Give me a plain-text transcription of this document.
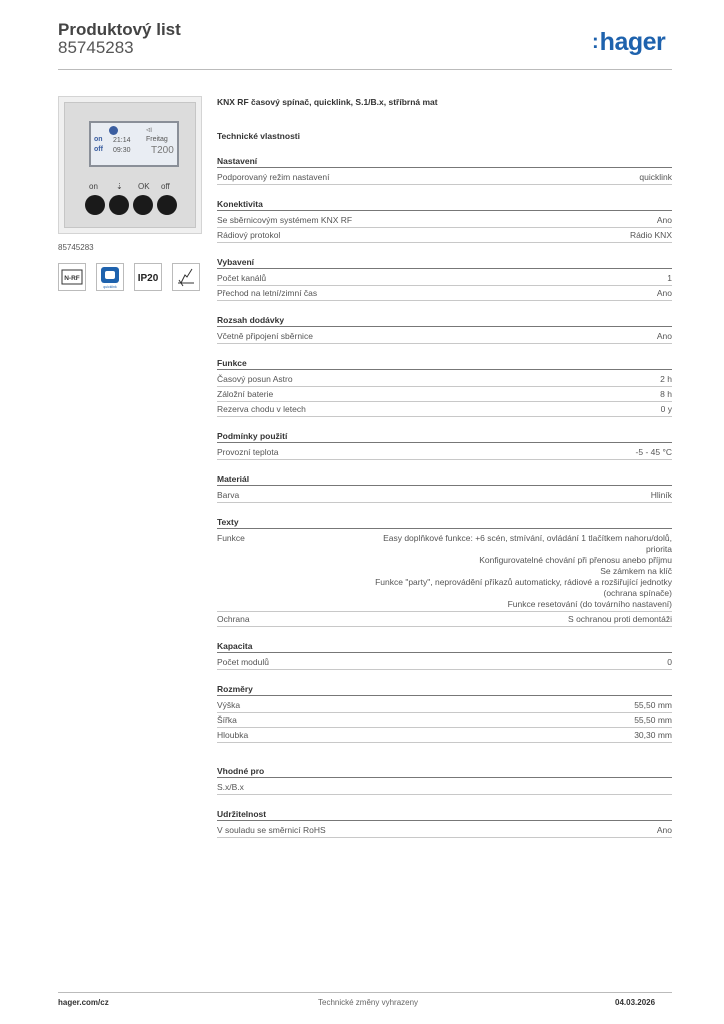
Produktový list
85745283	:hager
◃ı
on 21:14 Freitag
off 09:30 T200
on ⇣ OK off
85745283
N-RF
quicklink
IP20
KNX RF časový spínač, quicklink, S.1/B.x, stříbrná mat
Technické vlastnosti
Nastavení
Podporovaný režim nastavení	quicklink
Konektivita
Se sběrnicovým systémem KNX RF	Ano
Rádiový protokol	Rádio KNX
Vybavení
Počet kanálů	1
Přechod na letní/zimní čas	Ano
Rozsah dodávky
Včetně připojení sběrnice	Ano
Funkce
Časový posun Astro	2 h
Záložní baterie	8 h
Rezerva chodu v letech	0 y
Podmínky použití
Provozní teplota	-5 - 45 °C
Materiál
Barva	Hliník
Texty
Funkce	Easy doplňkové funkce: +6 scén, stmívání, ovládání 1 tlačítkem nahoru/dolů, priorita
Konfigurovatelné chování při přenosu anebo příjmu
Se zámkem na klíč
Funkce "party", neprovádění příkazů automaticky, rádiové a rozšiřující jednotky (ochrana spínače)
Funkce resetování (do továrního nastavení)
Ochrana	S ochranou proti demontáži
Kapacita
Počet modulů	0
Rozměry
Výška	55,50 mm
Šířka	55,50 mm
Hloubka	30,30 mm
Vhodné pro
S.x/B.x
Udržitelnost
V souladu se směrnicí RoHS	Ano
hager.com/cz	Technické změny vyhrazeny	04.03.2026
